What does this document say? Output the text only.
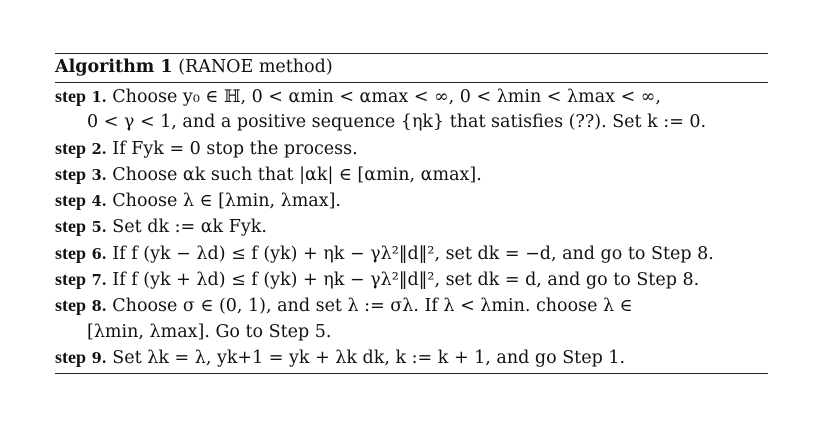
Algorithm 1 (RANOE method)
step 1. Choose y₀ ∈ ℍ, 0 < αmin < αmax < ∞, 0 < λmin < λmax < ∞,
0 < γ < 1, and a positive sequence {ηk} that satisfies (??). Set k := 0.
step 2. If Fyk = 0 stop the process.
step 3. Choose αk such that |αk| ∈ [αmin, αmax].
step 4. Choose λ ∈ [λmin, λmax].
step 5. Set dk := αk Fyk.
step 6. If f (yk − λd) ≤ f (yk) + ηk − γλ²‖d‖², set dk = −d, and go to Step 8.
step 7. If f (yk + λd) ≤ f (yk) + ηk − γλ²‖d‖², set dk = d, and go to Step 8.
step 8. Choose σ ∈ (0, 1), and set λ := σλ. If λ < λmin. choose λ ∈
[λmin, λmax]. Go to Step 5.
step 9. Set λk = λ, yk+1 = yk + λk dk, k := k + 1, and go Step 1.
